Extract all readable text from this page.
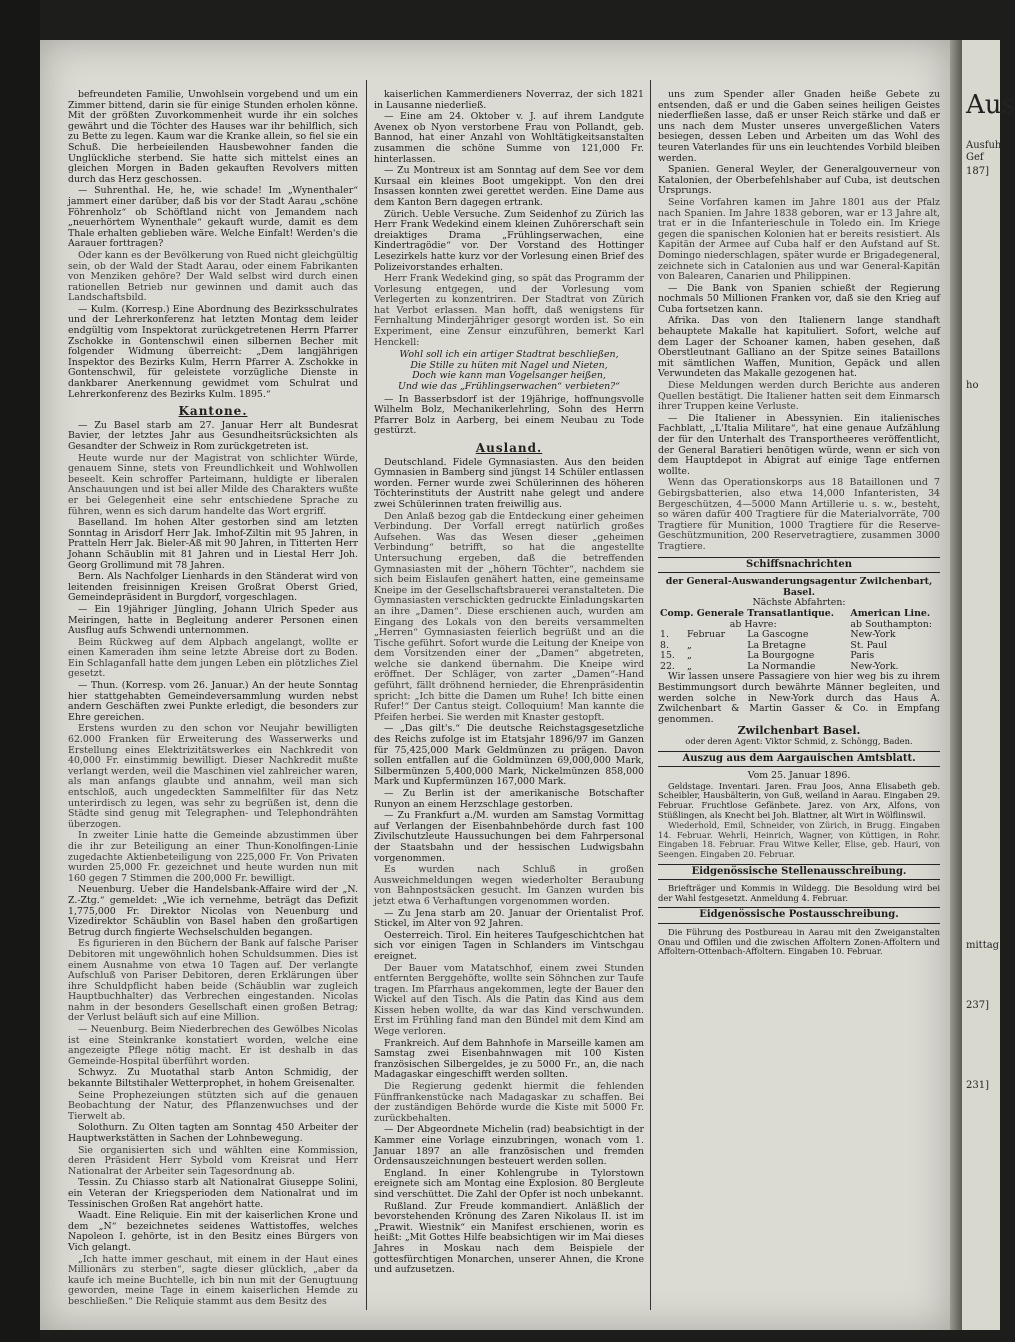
befreundeten Familie, Unwohlsein vorgebend und um ein Zimmer bittend, darin sie für einige Stunden erholen könne. Mit der größten Zuvorkommenheit wurde ihr ein solches gewährt und die Töchter des Hauses war ihr behilflich, sich zu Bette zu legen. Kaum war die Kranke allein, so fiel sie ein Schuß. Die herbeieilenden Hausbewohner fanden die Unglückliche sterbend. Sie hatte sich mittelst eines an gleichen Morgen in Baden gekauften Revolvers mitten durch das Herz geschossen.

— Suhrenthal. He, he, wie schade! Im „Wynenthaler“ jammert einer darüber, daß bis vor der Stadt Aarau „schöne Föhrenholz“ ob Schöftland nicht von Jemandem nach „neuerhörtem Wynenthale“ gekauft wurde, damit es dem Thale erhalten geblieben wäre. Welche Einfalt! Werden's die Aarauer forttragen?

Oder kann es der Bevölkerung von Rued nicht gleichgültig sein, ob der Wald der Stadt Aarau, oder einem Fabrikanten von Menziken gehöre? Der Wald selbst wird durch einen rationellen Betrieb nur gewinnen und damit auch das Landschaftsbild.

— Kulm. (Korresp.) Eine Abordnung des Bezirksschulrates und der Lehrerkonferenz hat letzten Montag dem leider endgültig vom Inspektorat zurückgetretenen Herrn Pfarrer Zschokke in Gontenschwil einen silbernen Becher mit folgender Widmung überreicht: „Dem langjährigen Inspektor des Bezirks Kulm, Herrn Pfarrer A. Zschokke in Gontenschwil, für geleistete vorzügliche Dienste in dankbarer Anerkennung gewidmet vom Schulrat und Lehrerkonferenz des Bezirks Kulm. 1895.“

Kantone.

— Zu Basel starb am 27. Januar Herr alt Bundesrat Bavier, der letztes Jahr aus Gesundheitsrücksichten als Gesandter der Schweiz in Rom zurückgetreten ist.

Heute wurde nur der Magistrat von schlichter Würde, genauem Sinne, stets von Freundlichkeit und Wohlwollen beseelt. Kein schroffer Parteimann, huldigte er liberalen Anschauungen und ist bei aller Milde des Charakters wußte er bei Gelegenheit eine sehr entschiedene Sprache zu führen, wenn es sich darum handelte das Wort ergriff.

Baselland. Im hohen Alter gestorben sind am letzten Sonntag in Arisdorf Herr Jak. Imhof-Ziltin mit 95 Jahren, in Pratteln Herr Jak. Bieler-Aß mit 90 Jahren, in Titterten Herr Johann Schäublin mit 81 Jahren und in Liestal Herr Joh. Georg Grollimund mit 78 Jahren.

Bern. Als Nachfolger Lienhards in den Ständerat wird von leitenden freisinnigen Kreisen Großrat Oberst Gried, Gemeindepräsident in Burgdorf, vorgeschlagen.

— Ein 19jähriger Jüngling, Johann Ulrich Speder aus Meiringen, hatte in Begleitung anderer Personen einen Ausflug aufs Schwendi unternommen.

Beim Rückweg auf dem Alpbach angelangt, wollte er einen Kameraden ihm seine letzte Abreise dort zu Boden. Ein Schlaganfall hatte dem jungen Leben ein plötzliches Ziel gesetzt.

— Thun. (Korresp. vom 26. Januar.) An der heute Sonntag hier stattgehabten Gemeindeversammlung wurden nebst andern Geschäften zwei Punkte erledigt, die besonders zur Ehre gereichen.

Erstens wurden zu den schon vor Neujahr bewilligten 62.000 Franken für Erweiterung des Wasserwerks und Erstellung eines Elektrizitätswerkes ein Nachkredit von 40,000 Fr. einstimmig bewilligt. Dieser Nachkredit mußte verlangt werden, weil die Maschinen viel zahlreicher waren, als man anfangs glaubte und annahm, weil man sich entschloß, auch ungedeckten Sammelfilter für das Netz unterirdisch zu legen, was sehr zu begrüßen ist, denn die Städte sind genug mit Telegraphen- und Telephondrähten überzogen.

In zweiter Linie hatte die Gemeinde abzustimmen über die ihr zur Beteiligung an einer Thun-Konolfingen-Linie zugedachte Aktienbeteiligung von 225,000 Fr. Von Privaten wurden 25,000 Fr. gezeichnet und heute wurden nun mit 160 gegen 7 Stimmen die 200,000 Fr. bewilligt.

Neuenburg. Ueber die Handelsbank-Affaire wird der „N. Z.-Ztg.“ gemeldet: „Wie ich vernehme, beträgt das Defizit 1,775,000 Fr. Direktor Nicolas von Neuenburg und Vizedirektor Schäublin von Basel haben den großartigen Betrug durch fingierte Wechselschulden begangen.

Es figurieren in den Büchern der Bank auf falsche Pariser Debitoren mit ungewöhnlich hohen Schuldsummen. Dies ist einem Ausnahme von etwa 10 Tagen auf. Der verlangte Aufschluß von Pariser Debitoren, deren Erklärungen über ihre Schuldpflicht haben beide (Schäublin war zugleich Hauptbuchhalter) das Verbrechen eingestanden. Nicolas nahm in der besonders Gesellschaft einen großen Betrag; der Verlust beläuft sich auf eine Million.

— Neuenburg. Beim Niederbrechen des Gewölbes Nicolas ist eine Steinkranke konstatiert worden, welche eine angezeigte Pflege nötig macht. Er ist deshalb in das Gemeinde-Hospital überführt worden.

Schwyz. Zu Muotathal starb Anton Schmidig, der bekannte Biltstihaler Wetterprophet, in hohem Greisenalter.

Seine Prophezeiungen stützten sich auf die genauen Beobachtung der Natur, des Pflanzenwuchses und der Tierwelt ab.

Solothurn. Zu Olten tagten am Sonntag 450 Arbeiter der Hauptwerkstätten in Sachen der Lohnbewegung.

Sie organisierten sich und wählten eine Kommission, deren Präsident Herr Sybold vom Kreisrat und Herr Nationalrat der Arbeiter sein Tagesordnung ab.

Tessin. Zu Chiasso starb alt Nationalrat Giuseppe Solini, ein Veteran der Kriegsperioden dem Nationalrat und im Tessinischen Großen Rat angehört hatte.

Waadt. Eine Reliquie. Ein mit der kaiserlichen Krone und dem „N“ bezeichnetes seidenes Wattistoffes, welches Napoleon I. gehörte, ist in den Besitz eines Bürgers von Vich gelangt.

„Ich hatte immer geschaut, mit einem in der Haut eines Millionärs zu sterben“, sagte dieser glücklich, „aber da kaufe ich meine Buchtelle, ich bin nun mit der Genugtuung geworden, meine Tage in einem kaiserlichen Hemde zu beschließen.“ Die Reliquie stammt aus dem Besitz des

kaiserlichen Kammerdieners Noverraz, der sich 1821 in Lausanne niederließ.

— Eine am 24. Oktober v. J. auf ihrem Landgute Avenex ob Nyon verstorbene Frau von Pollandt, geb. Bannod, hat einer Anzahl von Wohltätigkeitsanstalten zusammen die schöne Summe von 121,000 Fr. hinterlassen.

— Zu Montreux ist am Sonntag auf dem See vor dem Kursaal ein kleines Boot umgekippt. Von den drei Insassen konnten zwei gerettet werden. Eine Dame aus dem Kanton Bern dagegen ertrank.

Zürich. Ueble Versuche. Zum Seidenhof zu Zürich las Herr Frank Wedekind einem kleinen Zuhörerschaft sein dreiaktiges Drama „Frühlingserwachen, eine Kindertragödie“ vor. Der Vorstand des Hottinger Lesezirkels hatte kurz vor der Vorlesung einen Brief des Polizeivorstandes erhalten.

Herr Frank Wedekind ging, so spät das Programm der Vorlesung entgegen, und der Vorlesung vom Verlegerten zu konzentriren. Der Stadtrat von Zürich hat Verbot erlassen. Man hofft, daß wenigstens für Fernhaltung Minderjähriger gesorgt worden ist. So ein Experiment, eine Zensur einzuführen, bemerkt Karl Henckell:

Wohl soll ich ein artiger Stadtrat beschließen,
Die Stille zu hüten mit Nagel und Nieten,
Doch wie kann man Vogelsanger heißen,
Und wie das „Frühlingserwachen“ verbieten?“

— In Basserbsdorf ist der 19jährige, hoffnungsvolle Wilhelm Bolz, Mechanikerlehrling, Sohn des Herrn Pfarrer Bolz in Aarberg, bei einem Neubau zu Tode gestürzt.

Ausland.

Deutschland. Fidele Gymnasiasten. Aus den beiden Gymnasien in Bamberg sind jüngst 14 Schüler entlassen worden. Ferner wurde zwei Schülerinnen des höheren Töchterinstituts der Austritt nahe gelegt und andere zwei Schülerinnen traten freiwillig aus.

Den Anlaß bezog gab die Entdeckung einer geheimen Verbindung. Der Vorfall erregt natürlich großes Aufsehen. Was das Wesen dieser „geheimen Verbindung“ betrifft, so hat die angestellte Untersuchung ergeben, daß die betreffenden Gymnasiasten mit der „höhern Töchter“, nachdem sie sich beim Eislaufen genähert hatten, eine gemeinsame Kneipe im der Gesellschaftsbrauerei veranstalteten. Die Gymnasiasten verschickten gedruckte Einladungskarten an ihre „Damen“. Diese erschienen auch, wurden am Eingang des Lokals von den bereits versammelten „Herren“ Gymnasiasten feierlich begrüßt und an die Tische geführt. Sofort wurde die Leitung der Kneipe von dem Vorsitzenden einer der „Damen“ abgetreten, welche sie dankend übernahm. Die Kneipe wird eröffnet. Der Schläger, von zarter „Damen“-Hand geführt, fällt dröhnend hernieder, die Ehrenpräsidentin spricht: „Ich bitte die Damen um Ruhe! Ich bitte einen Rufer!“ Der Cantus steigt. Colloquium! Man kannte die Pfeifen herbei. Sie werden mit Knaster gestopft.

— „Das gilt's.“ Die deutsche Reichstagsgesetzliche des Reichs zufolge ist im Etatsjahr 1896/97 im Ganzen für 75,425,000 Mark Geldmünzen zu prägen. Davon sollen entfallen auf die Goldmünzen 69,000,000 Mark, Silbermünzen 5,400,000 Mark, Nickelmünzen 858,000 Mark und Kupfermünzen 167,000 Mark.

— Zu Berlin ist der amerikanische Botschafter Runyon an einem Herzschlage gestorben.

— Zu Frankfurt a./M. wurden am Samstag Vormittag auf Verlangen der Eisenbahnbehörde durch fast 100 Zivilschutzleute Haussuchungen bei dem Fahrpersonal der Staatsbahn und der hessischen Ludwigsbahn vorgenommen.

Es wurden nach Schluß in großen Ausweichmeldungen wegen wiederholter Beraubung von Bahnpostsäcken gesucht. Im Ganzen wurden bis jetzt etwa 6 Verhaftungen vorgenommen worden.

— Zu Jena starb am 20. Januar der Orientalist Prof. Stickel, im Alter von 92 Jahren.

Oesterreich. Tirol. Ein heiteres Taufgeschichtchen hat sich vor einigen Tagen in Schlanders im Vintschgau ereignet.

Der Bauer vom Matatschhof, einem zwei Stunden entfernten Berggehöfte, wollte sein Söhnchen zur Taufe tragen. Im Pfarrhaus angekommen, legte der Bauer den Wickel auf den Tisch. Als die Patin das Kind aus dem Kissen heben wollte, da war das Kind verschwunden. Erst im Frühling fand man den Bündel mit dem Kind am Wege verloren.

Frankreich. Auf dem Bahnhofe in Marseille kamen am Samstag zwei Eisenbahnwagen mit 100 Kisten französischen Silbergeldes, je zu 5000 Fr., an, die nach Madagaskar eingeschifft werden sollten.

Die Regierung gedenkt hiermit die fehlenden Fünffrankenstücke nach Madagaskar zu schaffen. Bei der zuständigen Behörde wurde die Kiste mit 5000 Fr. zurückbehalten.

— Der Abgeordnete Michelin (rad) beabsichtigt in der Kammer eine Vorlage einzubringen, wonach vom 1. Januar 1897 an alle französischen und fremden Ordensauszeichnungen besteuert werden sollen.

England. In einer Kohlengrube in Tylorstown ereignete sich am Montag eine Explosion. 80 Bergleute sind verschüttet. Die Zahl der Opfer ist noch unbekannt.

Rußland. Zur Freude kommandiert. Anläßlich der bevorstehenden Krönung des Zaren Nikolaus II. ist im „Prawit. Wiestnik“ ein Manifest erschienen, worin es heißt: „Mit Gottes Hilfe beabsichtigen wir im Mai dieses Jahres in Moskau nach dem Beispiele der gottesfürchtigen Monarchen, unserer Ahnen, die Krone und aufzusetzen.

uns zum Spender aller Gnaden heiße Gebete zu entsenden, daß er und die Gaben seines heiligen Geistes niederfließen lasse, daß er unser Reich stärke und daß er uns nach dem Muster unseres unvergeßlichen Vaters besiegen, dessen Leben und Arbeiten um das Wohl des teuren Vaterlandes für uns ein leuchtendes Vorbild bleiben werden.

Spanien. General Weyler, der Generalgouverneur von Katalonien, der Oberbefehlshaber auf Cuba, ist deutschen Ursprungs.

Seine Vorfahren kamen im Jahre 1801 aus der Pfalz nach Spanien. Im Jahre 1838 geboren, war er 13 Jahre alt, trat er in die Infanterieschule in Toledo ein. Im Kriege gegen die spanischen Kolonien hat er bereits resistiert. Als Kapitän der Armee auf Cuba half er den Aufstand auf St. Domingo niederschlagen, später wurde er Brigadegeneral, zeichnete sich in Catalonien aus und war General-Kapitän von Balearen, Canarien und Philippinen.

— Die Bank von Spanien schießt der Regierung nochmals 50 Millionen Franken vor, daß sie den Krieg auf Cuba fortsetzen kann.

Afrika. Das von den Italienern lange standhaft behauptete Makalle hat kapituliert. Sofort, welche auf dem Lager der Schoaner kamen, haben gesehen, daß Oberstleutnant Galliano an der Spitze seines Bataillons mit sämtlichen Waffen, Munition, Gepäck und allen Verwundeten das Makalle gezogenen hat.

Diese Meldungen werden durch Berichte aus anderen Quellen bestätigt. Die Italiener hatten seit dem Einmarsch ihrer Truppen keine Verluste.

— Die Italiener in Abessynien. Ein italienisches Fachblatt, „L'Italia Militare“, hat eine genaue Aufzählung der für den Unterhalt des Transportheeres veröffentlicht, der General Baratieri benötigen würde, wenn er sich von dem Hauptdepot in Abigrat auf einige Tage entfernen wollte.

Wenn das Operationskorps aus 18 Bataillonen und 7 Gebirgsbatterien, also etwa 14,000 Infanteristen, 34 Bergeschützen, 4—5000 Mann Artillerie u. s. w., besteht, so wären dafür 400 Tragtiere für die Materialvorräte, 700 Tragtiere für Munition, 1000 Tragtiere für die Reserve-Geschützmunition, 200 Reservetragtiere, zusammen 3000 Tragtiere.

Schiffsnachrichten
der General-Auswanderungsagentur Zwilchenbart, Basel.
Nächste Abfahrten:
Comp. Generale Transatlantique.			American Line.
ab Havre:			ab Southampton:
1.	Februar	La Gascogne	New-York
8.	„	La Bretagne	St. Paul
15.	„	La Bourgogne	Paris
22.	„	La Normandie	New-York.

Wir lassen unsere Passagiere von hier weg bis zu ihrem Bestimmungsort durch bewährte Männer begleiten, und werden solche in New-York durch das Haus A. Zwilchenbart & Martin Gasser & Co. in Empfang genommen.

Zwilchenbart Basel.
oder deren Agent: Viktor Schmid, z. Schöngg, Baden.
Auszug aus dem Aargauischen Amtsblatt.
Vom 25. Januar 1896.

Geldstage. Inventari. Jaren. Frau Joos, Anna Elisabeth geb. Scheibler, Hausbälterin, von Guß, weiland in Aarau. Eingaben 29. Februar. Fruchtlose Gefänbete. Jarez. von Arx, Alfons, von Stüßlingen, als Knecht bei Joh. Blattner, alt Wirt in Wölflinswil.

Wiederhold, Emil, Schneider, von Zürich, in Brugg. Eingaben 14. Februar. Wehrli, Heinrich, Wagner, von Küttigen, in Rohr. Eingaben 18. Februar. Frau Witwe Keller, Elise, geb. Hauri, von Seengen. Eingaben 20. Februar.

Eidgenössische Stellenausschreibung.

Briefträger und Kommis in Wildegg. Die Besoldung wird bei der Wahl festgesetzt. Anmeldung 4. Februar.

Eidgenössische Postausschreibung.

Die Führung des Postbureau in Aarau mit den Zweiganstalten Onau und Offilen und die zwischen Affoltern Zonen-Affoltern und Affoltern-Ottenbach-Affoltern. Eingaben 10. Februar.

Aus
Ausfuhr
Gef
187]
ho
mittag
237]
231]
